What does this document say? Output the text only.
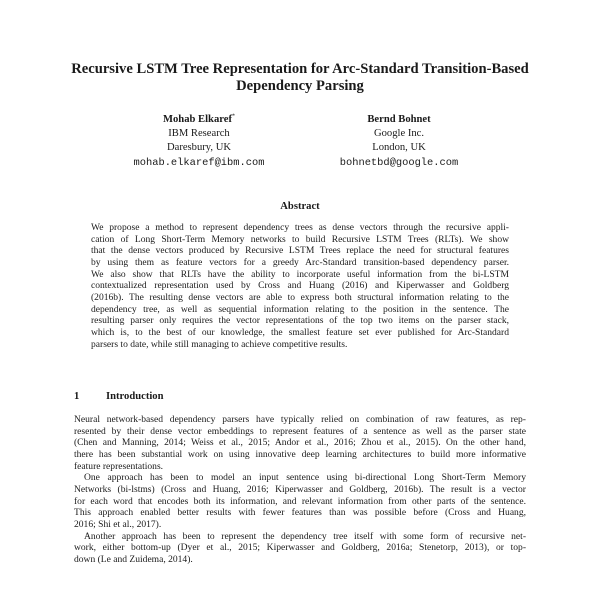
Recursive LSTM Tree Representation for Arc-Standard Transition-Based
Dependency Parsing
Mohab Elkaref*
IBM Research
Daresbury, UK
mohab.elkaref@ibm.com
Bernd Bohnet
Google Inc.
London, UK
bohnetbd@google.com
Abstract
We propose a method to represent dependency trees as dense vectors through the recursive appli-
cation of Long Short-Term Memory networks to build Recursive LSTM Trees (RLTs). We show
that the dense vectors produced by Recursive LSTM Trees replace the need for structural features
by using them as feature vectors for a greedy Arc-Standard transition-based dependency parser.
We also show that RLTs have the ability to incorporate useful information from the bi-LSTM
contextualized representation used by Cross and Huang (2016) and Kiperwasser and Goldberg
(2016b). The resulting dense vectors are able to express both structural information relating to the
dependency tree, as well as sequential information relating to the position in the sentence. The
resulting parser only requires the vector representations of the top two items on the parser stack,
which is, to the best of our knowledge, the smallest feature set ever published for Arc-Standard
parsers to date, while still managing to achieve competitive results.
1	Introduction
Neural network-based dependency parsers have typically relied on combination of raw features, as rep-
resented by their dense vector embeddings to represent features of a sentence as well as the parser state
(Chen and Manning, 2014; Weiss et al., 2015; Andor et al., 2016; Zhou et al., 2015). On the other hand,
there has been substantial work on using innovative deep learning architectures to build more informative
feature representations.
One approach has been to model an input sentence using bi-directional Long Short-Term Memory
Networks (bi-lstms) (Cross and Huang, 2016; Kiperwasser and Goldberg, 2016b). The result is a vector
for each word that encodes both its information, and relevant information from other parts of the sentence.
This approach enabled better results with fewer features than was possible before (Cross and Huang,
2016; Shi et al., 2017).
Another approach has been to represent the dependency tree itself with some form of recursive net-
work, either bottom-up (Dyer et al., 2015; Kiperwasser and Goldberg, 2016a; Stenetorp, 2013), or top-
down (Le and Zuidema, 2014).
